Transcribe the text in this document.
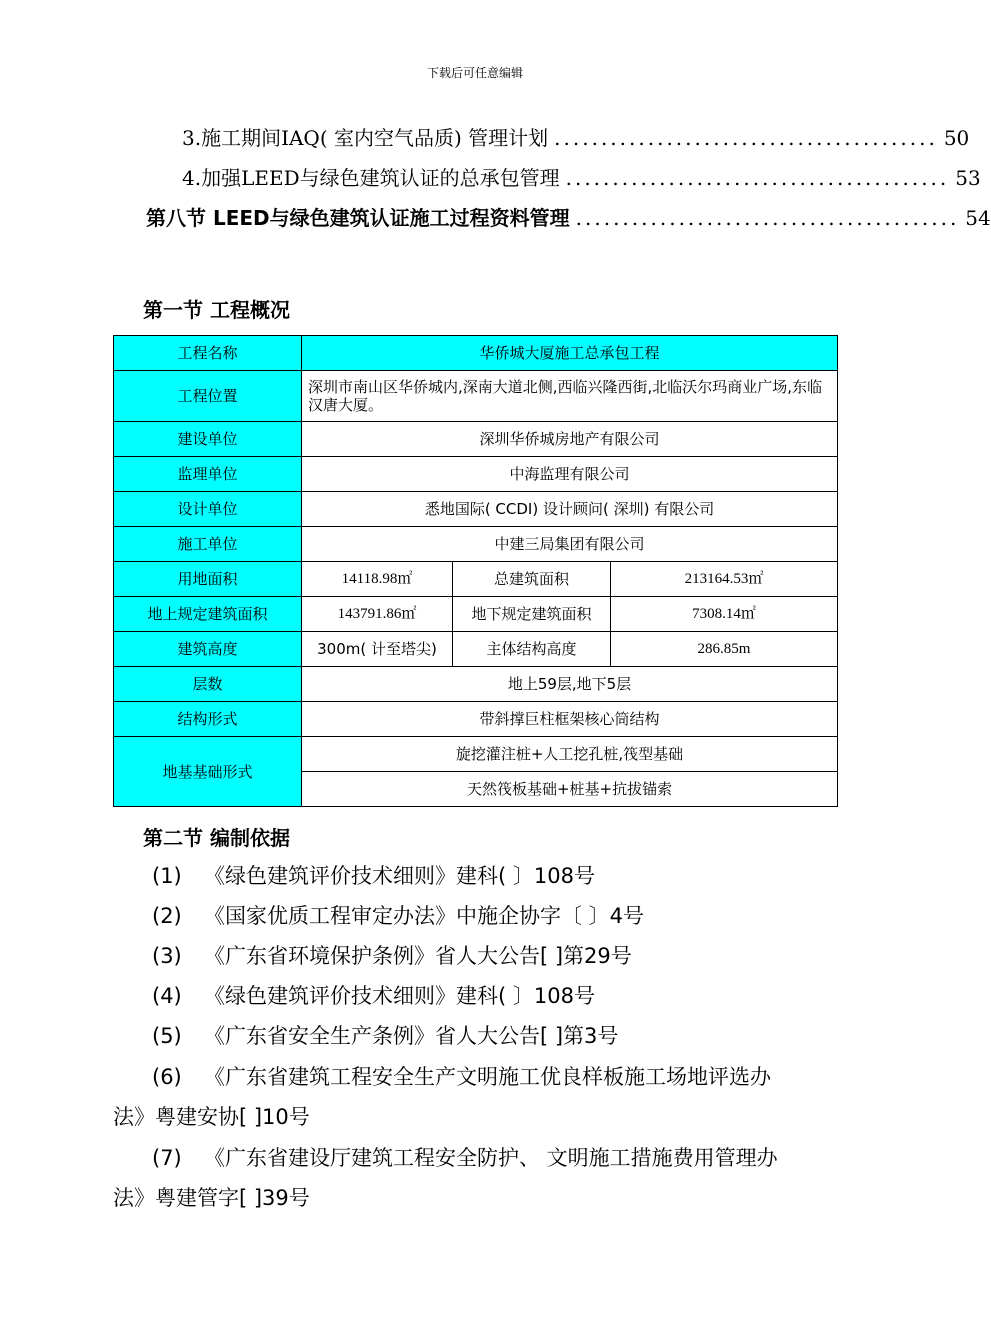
下载后可任意编辑
3. 施工期间IAQ( 室内空气品质) 管理计划 ......................................... 50
4. 加强LEED与绿色建筑认证的总承包管理 ......................................... 53
第八节 LEED与绿色建筑认证施工过程资料管理 ......................................... 54
第一节 工程概况
工程名称	华侨城大厦施工总承包工程		
工程位置	深圳市南山区华侨城内,深南大道北侧,西临兴隆西街,北临沃尔玛商业广场,东临汉唐大厦。		
建设单位	深圳华侨城房地产有限公司		
监理单位	中海监理有限公司		
设计单位	悉地国际( CCDI) 设计顾问( 深圳) 有限公司		
施工单位	中建三局集团有限公司		
用地面积	14118.98㎡	总建筑面积	213164.53㎡
地上规定建筑面积	143791.86㎡	地下规定建筑面积	7308.14㎡
建筑高度	300m( 计至塔尖)	主体结构高度	286.85m
层数	地上59层,地下5层		
结构形式	带斜撑巨柱框架核心筒结构		
地基基础形式	旋挖灌注桩+人工挖孔桩,筏型基础		
	天然筏板基础+桩基+抗拔锚索		
第二节 编制依据
(1) 《绿色建筑评价技术细则》建科( 〕108号
(2) 《国家优质工程审定办法》中施企协字〔 〕4号
(3) 《广东省环境保护条例》省人大公告[ ]第29号
(4) 《绿色建筑评价技术细则》建科( 〕108号
(5) 《广东省安全生产条例》省人大公告[ ]第3号
(6) 《广东省建筑工程安全生产文明施工优良样板施工场地评选办
法》粤建安协[ ]10号
(7) 《广东省建设厅建筑工程安全防护、 文明施工措施费用管理办
法》粤建管字[ ]39号
